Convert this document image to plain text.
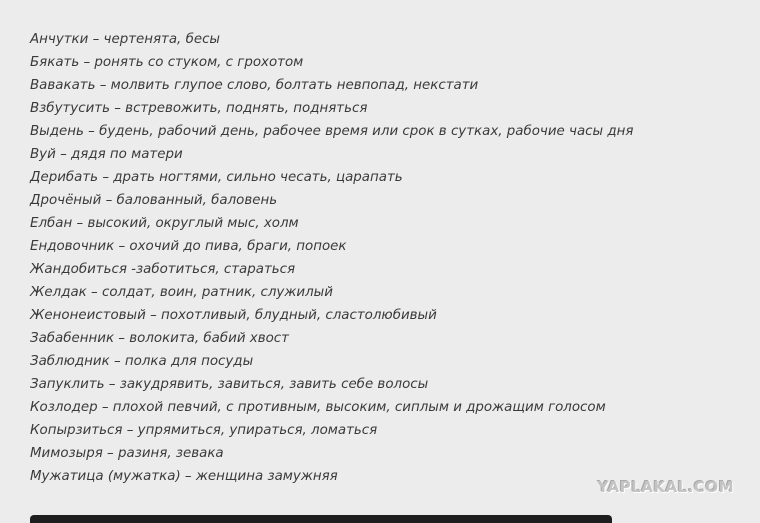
Анчутки – чертенята, бесы
Бякать – ронять со стуком, с грохотом
Вавакать – молвить глупое слово, болтать невпопад, некстати
Взбутусить – встревожить, поднять, подняться
Выдень – будень, рабочий день, рабочее время или срок в сутках, рабочие часы дня
Вуй – дядя по матери
Дерибать – драть ногтями, сильно чесать, царапать
Дрочёный – балованный, баловень
Елбан – высокий, округлый мыс, холм
Ендовочник – охочий до пива, браги, попоек
Жандобиться -заботиться, стараться
Желдак – солдат, воин, ратник, служилый
Женонеистовый – похотливый, блудный, сластолюбивый
Забабенник – волокита, бабий хвост
Заблюдник – полка для посуды
Запуклить – закудрявить, завиться, завить себе волосы
Козлодер – плохой певчий, с противным, высоким, сиплым и дрожащим голосом
Копырзиться – упрямиться, упираться, ломаться
Мимозыря – разиня, зевака
Мужатица (мужатка) – женщина замужняя
YAPLAKAL.COM
